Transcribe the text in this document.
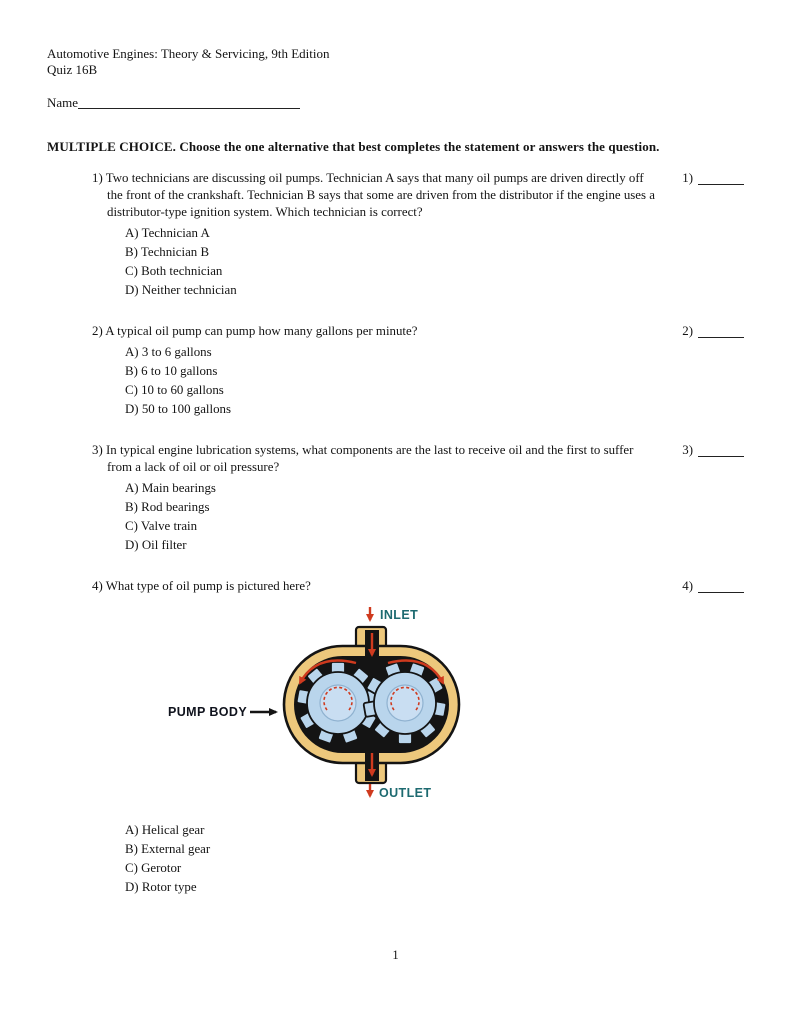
Automotive Engines: Theory & Servicing, 9th Edition
Quiz 16B
Name
MULTIPLE CHOICE. Choose the one alternative that best completes the statement or answers the question.

1) Two technicians are discussing oil pumps. Technician A says that many oil pumps are driven directly off the front of the crankshaft. Technician B says that some are driven from the distributor if the engine uses a distributor-type ignition system. Which technician is correct?

A) Technician A
B) Technician B
C) Both technician
D) Neither technician
1)

2) A typical oil pump can pump how many gallons per minute?

A) 3 to 6 gallons
B) 6 to 10 gallons
C) 10 to 60 gallons
D) 50 to 100 gallons
2)

3) In typical engine lubrication systems, what components are the last to receive oil and the first to suffer from a lack of oil or oil pressure?

A) Main bearings
B) Rod bearings
C) Valve train
D) Oil filter
3)

4) What type of oil pump is pictured here?

INLET
PUMP BODY
OUTLET
A) Helical gear
B) External gear
C) Gerotor
D) Rotor type
4)
1
